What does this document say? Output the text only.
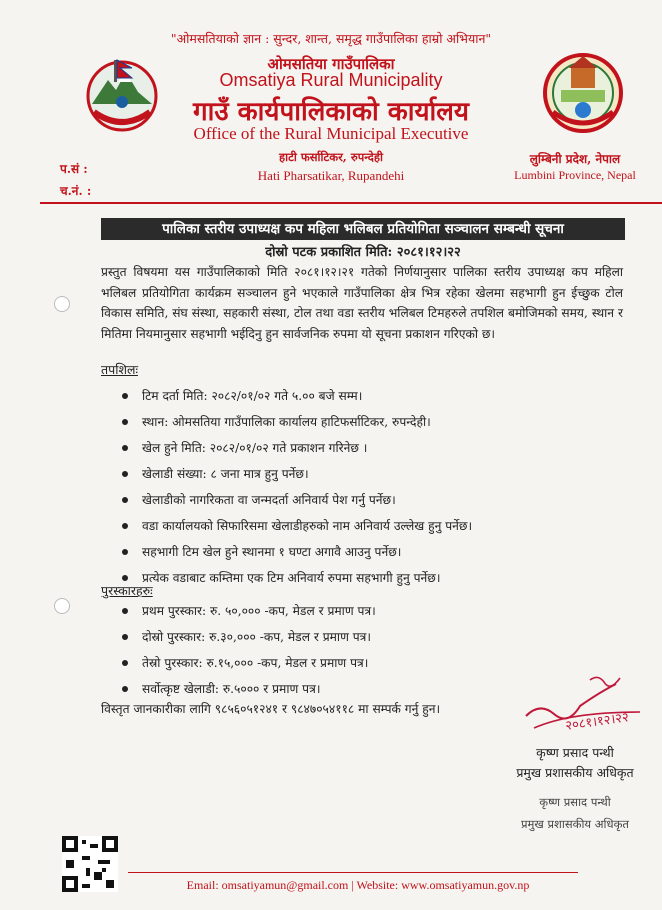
"ओमसतियाको ज्ञान : सुन्दर, शान्त, समृद्ध गाउँपालिका हाम्रो अभियान"
ओमसतिया गाउँपालिका
Omsatiya Rural Municipality
गाउँ कार्यपालिकाको कार्यालय
Office of the Rural Municipal Executive
हाटी फर्साटिकर, रुपन्देही
Hati Pharsatikar, Rupandehi
लुम्बिनी प्रदेश, नेपाल
Lumbini Province, Nepal
प.सं :
च.नं. :
पालिका स्तरीय उपाध्यक्ष कप महिला भलिबल प्रतियोगिता सञ्चालन सम्बन्धी सूचना
दोस्रो पटक प्रकाशित मिति: २०८१।१२।२२
प्रस्तुत विषयमा यस गाउँपालिकाको मिति २०८१।१२।२१ गतेको निर्णयानुसार पालिका स्तरीय उपाध्यक्ष कप महिला भलिबल प्रतियोगिता कार्यक्रम सञ्चालन हुने भएकाले गाउँपालिका क्षेत्र भित्र रहेका खेलमा सहभागी हुन ईच्छुक टोल विकास समिति, संघ संस्था, सहकारी संस्था, टोल तथा वडा स्तरीय भलिबल टिमहरुले तपशिल बमोजिमको समय, स्थान र मितिमा नियमानुसार सहभागी भईदिनु हुन सार्वजनिक रुपमा यो सूचना प्रकाशन गरिएको छ।
तपशिलः
टिम दर्ता मिति: २०८२/०१/०२ गते ५.०० बजे सम्म।
स्थान: ओमसतिया गाउँपालिका कार्यालय हाटिफर्साटिकर, रुपन्देही।
खेल हुने मिति: २०८२/०१/०२ गते प्रकाशन गरिनेछ ।
खेलाडी संख्या: ८ जना मात्र हुनु पर्नेछ।
खेलाडीको नागरिकता वा जन्मदर्ता अनिवार्य पेश गर्नु पर्नेछ।
वडा कार्यालयको सिफारिसमा खेलाडीहरुको नाम अनिवार्य उल्लेख हुनु पर्नेछ।
सहभागी टिम खेल हुने स्थानमा १ घण्टा अगावै आउनु पर्नेछ।
प्रत्येक वडाबाट कम्तिमा एक टिम अनिवार्य रुपमा सहभागी हुनु पर्नेछ।
पुरस्कारहरुः
प्रथम पुरस्कार: रु. ५०,००० -कप, मेडल र प्रमाण पत्र।
दोस्रो पुरस्कार: रु.३०,००० -कप, मेडल र प्रमाण पत्र।
तेस्रो पुरस्कार: रु.१५,००० -कप, मेडल र प्रमाण पत्र।
सर्वोत्कृष्ट खेलाडी: रु.५००० र प्रमाण पत्र।
विस्तृत जानकारीका लागि ९८५६०५१२४१ र ९८४७०५४११८ मा सम्पर्क गर्नु हुन।
२०८१।१२।२२
कृष्ण प्रसाद पन्थी
प्रमुख प्रशासकीय अधिकृत
कृष्ण प्रसाद पन्थी
प्रमुख प्रशासकीय अधिकृत
Email: omsatiyamun@gmail.com | Website: www.omsatiyamun.gov.np
